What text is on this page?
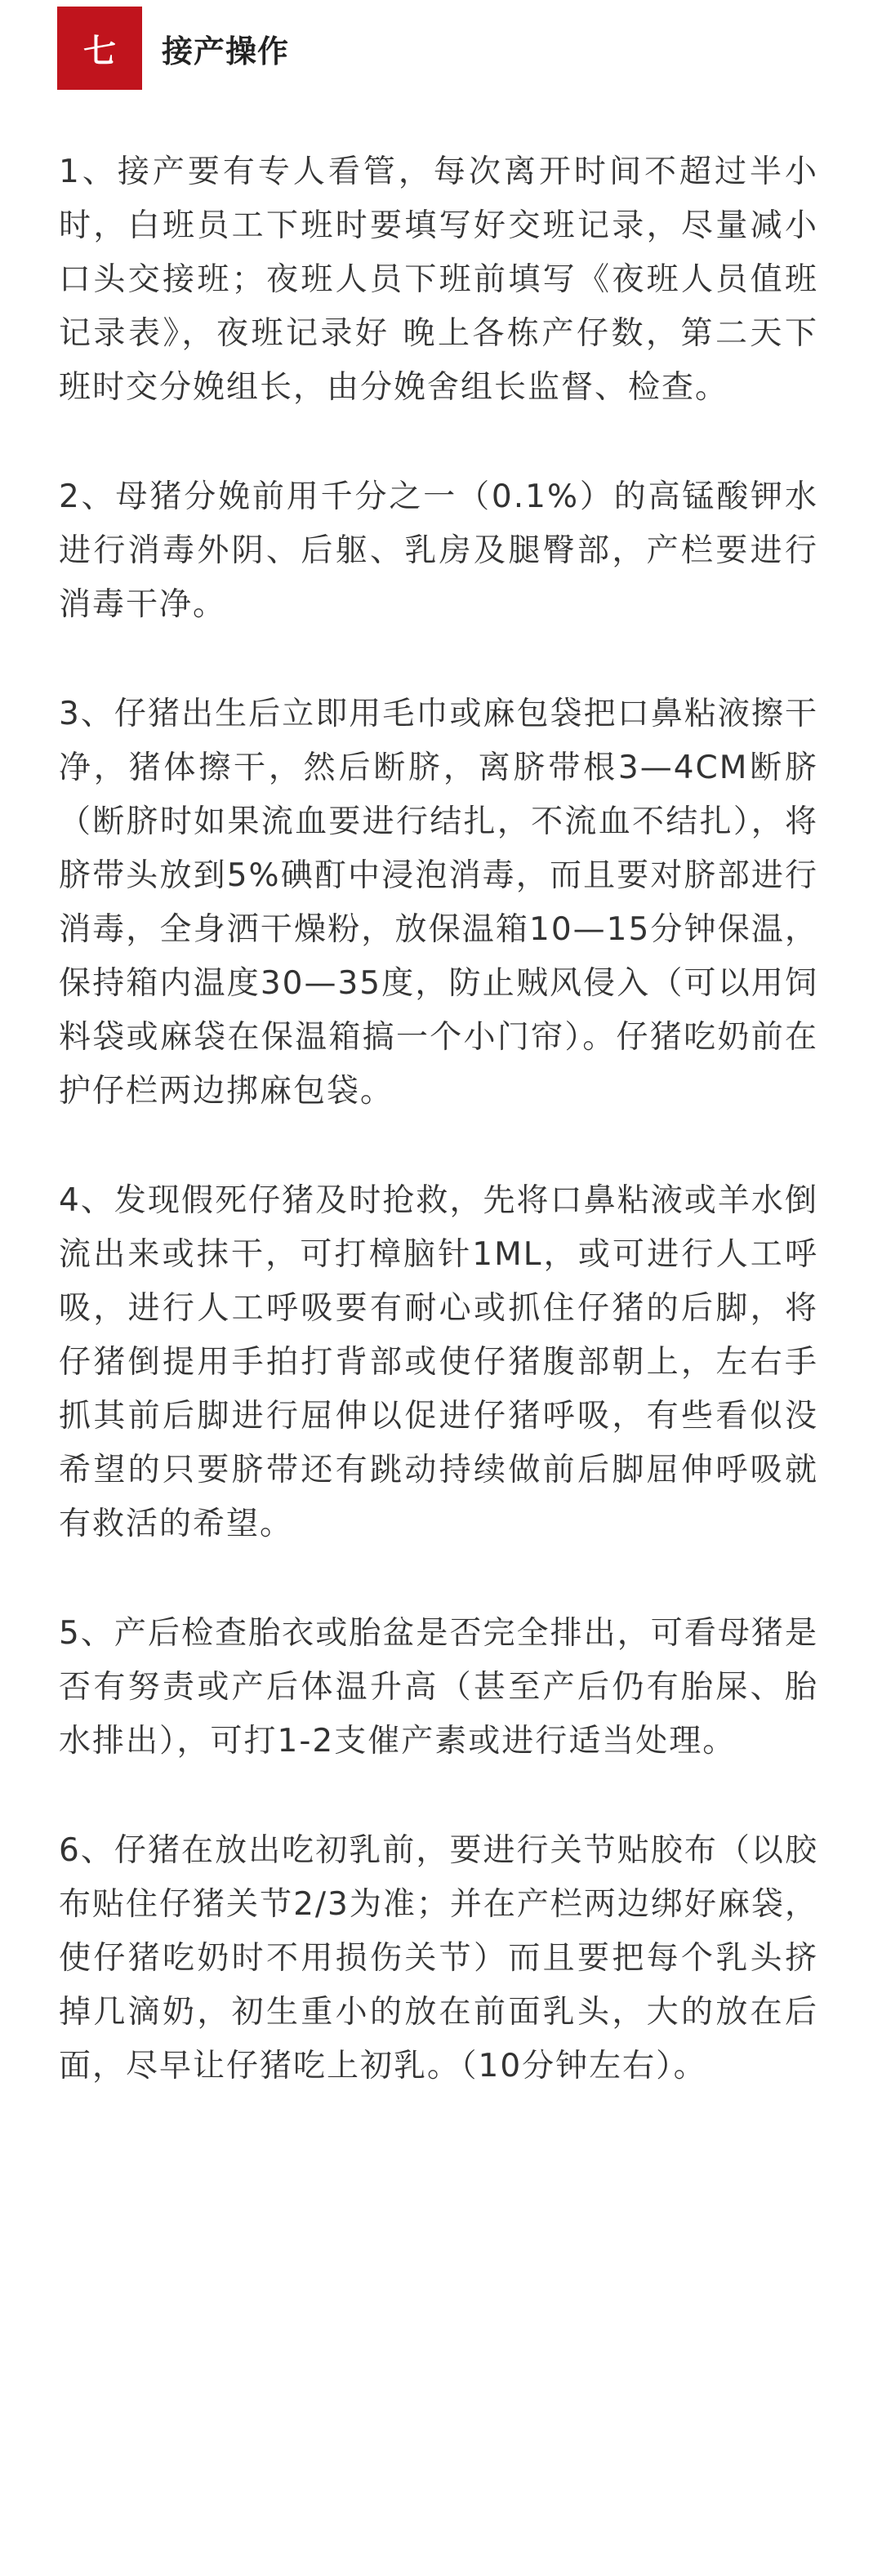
七	接产操作

1、接产要有专人看管，每次离开时间不超过半小时，白班员工下班时要填写好交班记录，尽量减小口头交接班；夜班人员下班前填写《夜班人员值班记录表》，夜班记录好 晚上各栋产仔数，第二天下班时交分娩组长，由分娩舍组长监督、检查。

2、母猪分娩前用千分之一（0.1%）的高锰酸钾水进行消毒外阴、后躯、乳房及腿臀部，产栏要进行消毒干净。

3、仔猪出生后立即用毛巾或麻包袋把口鼻粘液擦干净，猪体擦干，然后断脐，离脐带根3—4CM断脐（断脐时如果流血要进行结扎，不流血不结扎），将脐带头放到5%碘酊中浸泡消毒，而且要对脐部进行消毒，全身洒干燥粉，放保温箱10—15分钟保温，保持箱内温度30—35度，防止贼风侵入（可以用饲料袋或麻袋在保温箱搞一个小门帘）。仔猪吃奶前在护仔栏两边挷麻包袋。

4、发现假死仔猪及时抢救，先将口鼻粘液或羊水倒流出来或抹干，可打樟脑针1ML，或可进行人工呼吸，进行人工呼吸要有耐心或抓住仔猪的后脚，将仔猪倒提用手拍打背部或使仔猪腹部朝上，左右手抓其前后脚进行屈伸以促进仔猪呼吸，有些看似没希望的只要脐带还有跳动持续做前后脚屈伸呼吸就有救活的希望。

5、产后检查胎衣或胎盆是否完全排出，可看母猪是否有努责或产后体温升高（甚至产后仍有胎屎、胎水排出），可打1-2支催产素或进行适当处理。

6、仔猪在放出吃初乳前，要进行关节贴胶布（以胶布贴住仔猪关节2/3为准；并在产栏两边绑好麻袋，使仔猪吃奶时不用损伤关节）而且要把每个乳头挤掉几滴奶，初生重小的放在前面乳头，大的放在后面，尽早让仔猪吃上初乳。（10分钟左右）。
